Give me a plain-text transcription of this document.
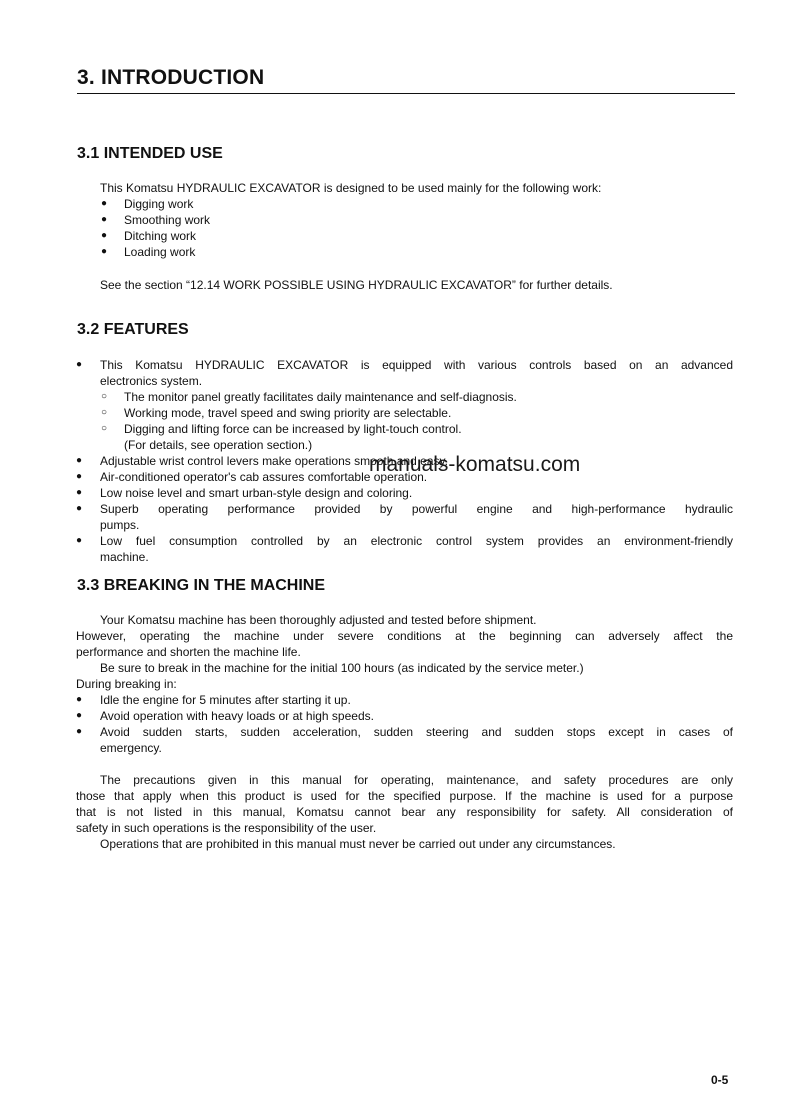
3. INTRODUCTION
3.1 INTENDED USE
This Komatsu HYDRAULIC EXCAVATOR is designed to be used mainly for the following work:
● Digging work
● Smoothing work
● Ditching work
● Loading work
See the section “12.14 WORK POSSIBLE USING HYDRAULIC EXCAVATOR” for further details.
3.2 FEATURES
● This Komatsu HYDRAULIC EXCAVATOR is equipped with various controls based on an advanced
electronics system.
○ The monitor panel greatly facilitates daily maintenance and self-diagnosis.
○ Working mode, travel speed and swing priority are selectable.
○ Digging and lifting force can be increased by light-touch control.
(For details, see operation section.)
● Adjustable wrist control levers make operations smooth and easy.
● Air-conditioned operator's cab assures comfortable operation.
● Low noise level and smart urban-style design and coloring.
● Superb operating performance provided by powerful engine and high-performance hydraulic
pumps.
● Low fuel consumption controlled by an electronic control system provides an environment-friendly
machine.
3.3 BREAKING IN THE MACHINE
Your Komatsu machine has been thoroughly adjusted and tested before shipment.
However, operating the machine under severe conditions at the beginning can adversely affect the
performance and shorten the machine life.
Be sure to break in the machine for the initial 100 hours (as indicated by the service meter.)
During breaking in:
● Idle the engine for 5 minutes after starting it up.
● Avoid operation with heavy loads or at high speeds.
● Avoid sudden starts, sudden acceleration, sudden steering and sudden stops except in cases of
emergency.
The precautions given in this manual for operating, maintenance, and safety procedures are only
those that apply when this product is used for the specified purpose. If the machine is used for a purpose
that is not listed in this manual, Komatsu cannot bear any responsibility for safety. All consideration of
safety in such operations is the responsibility of the user.
Operations that are prohibited in this manual must never be carried out under any circumstances.
manuals-komatsu.com
0-5
